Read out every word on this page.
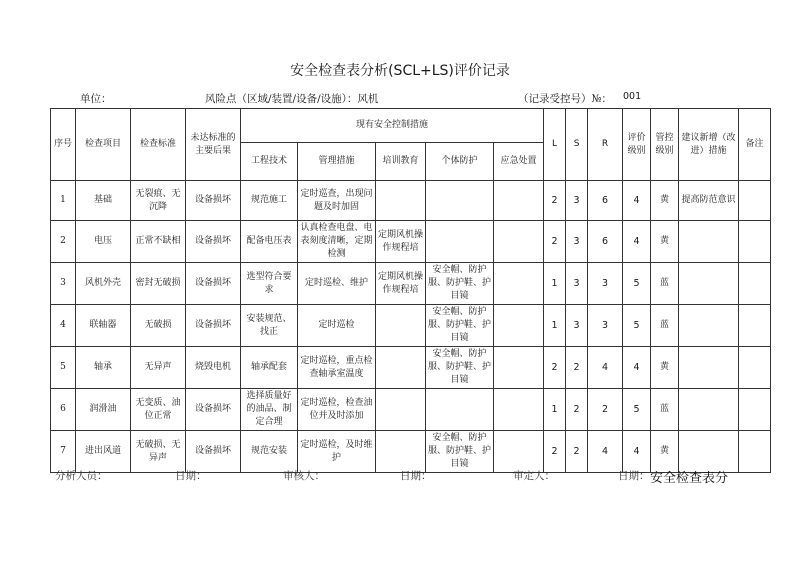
安全检查表分析(SCL+LS)评价记录
单位：	风险点（区域/装置/设备/设施）：风机	（记录受控号）№： 001
序号	检查项目	检查标准	未达标准的主要后果	现有安全控制措施					L	S	R	评价级别	管控级别	建议新增（改进）措施	备注
				工程技术	管理措施	培训教育	个体防护	应急处置							
1	基础	无裂痕、无沉降	设备损坏	规范施工	定时巡查，出现问题及时加固				2	3	6	4	黄	提高防范意识	
2	电压	正常不缺相	设备损坏	配备电压表	认真检查电盘、电表刻度清晰，定期检测	定期风机操作规程培			2	3	6	4	黄		
3	风机外壳	密封无破损	设备损坏	选型符合要求	定时巡检、维护	定期风机操作规程培	安全帽、防护服、防护鞋、护目镜		1	3	3	5	蓝		
4	联轴器	无破损	设备损坏	安装规范、找正	定时巡检		安全帽、防护服、防护鞋、护目镜		1	3	3	5	蓝		
5	轴承	无异声	烧毁电机	轴承配套	定时巡检，重点检查轴承室温度		安全帽、防护服、防护鞋、护目镜		2	2	4	4	黄		
6	润滑油	无变质、油位正常	设备损坏	选择质量好的油品、制定合理	定时巡检，检查油位并及时添加				1	2	2	5	蓝		
7	进出风道	无破损、无异声	设备损坏	规范安装	定时巡检，及时维护		安全帽、防护服、防护鞋、护目镜		2	2	4	4	黄		
分析人员：	日期：	审核人：	日期：	审定人：	日期： 安全检查表分
